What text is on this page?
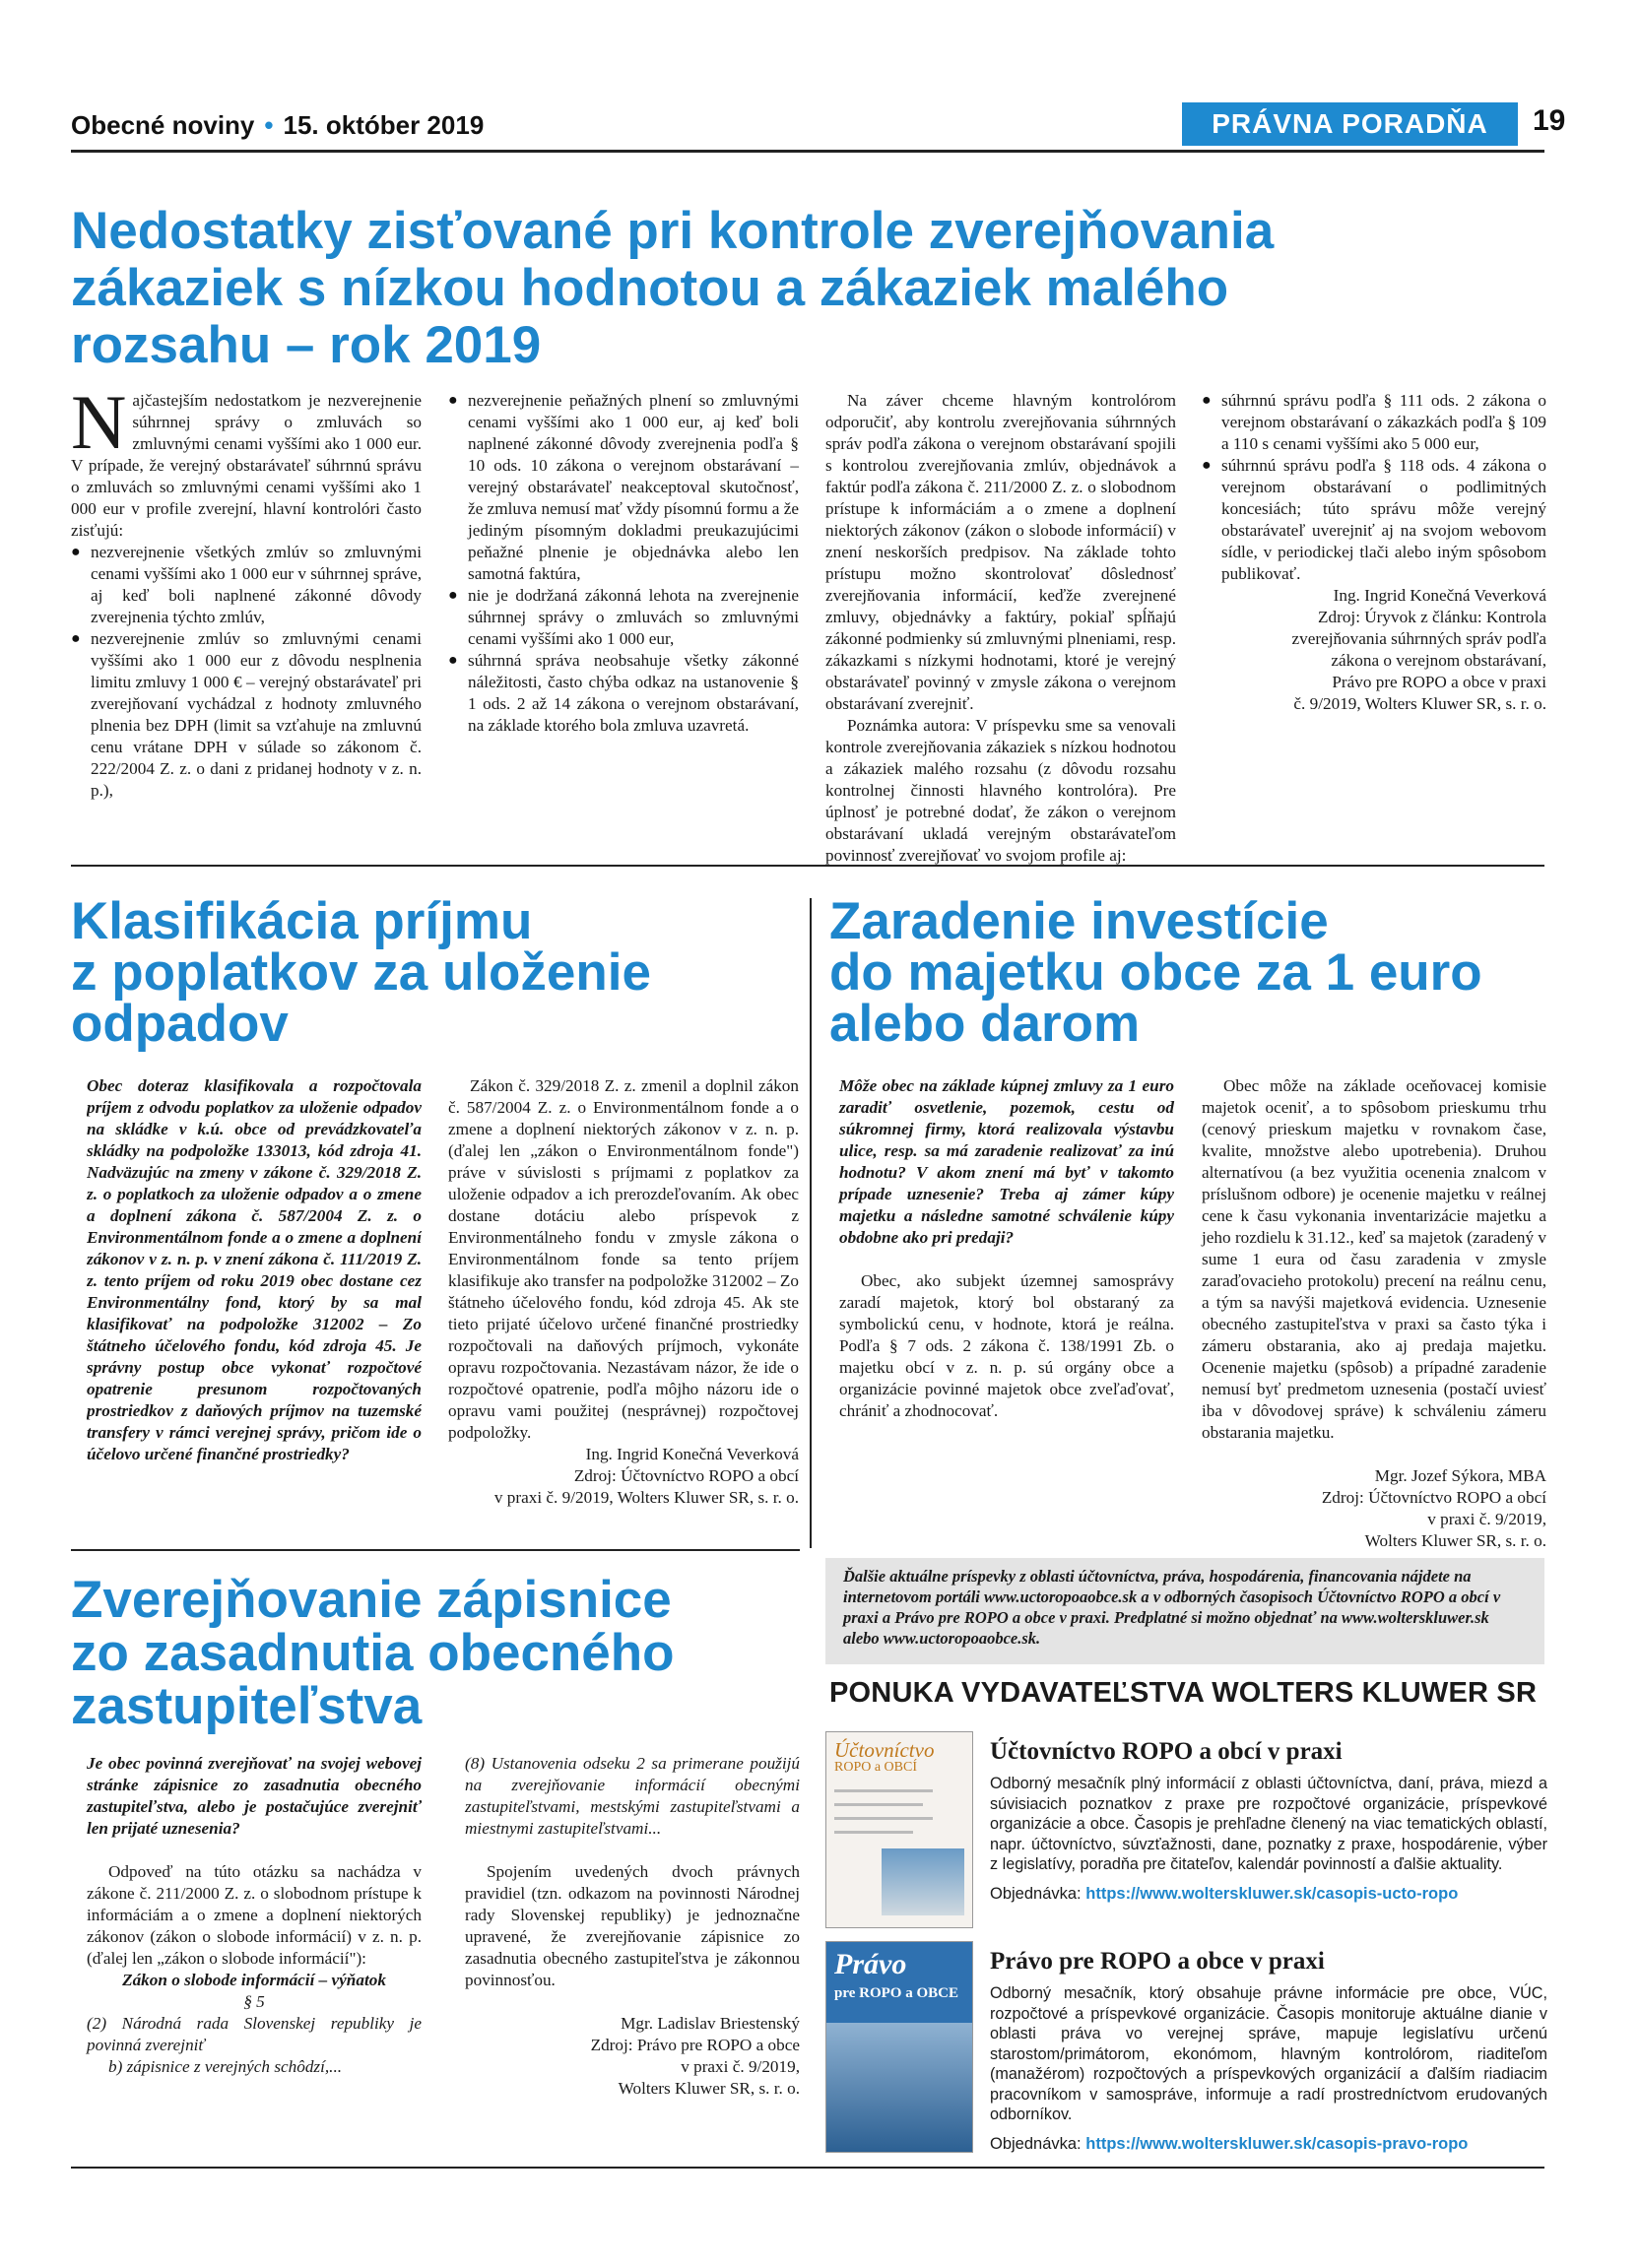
Obecné noviny • 15. október 2019	PRÁVNA PORADŇA	19
Nedostatky zisťované pri kontrole zverejňovania
zákaziek s nízkou hodnotou a zákaziek malého
rozsahu – rok 2019

Najčastejším nedostatkom je nezverejnenie súhrnnej správy o zmluvách so zmluvnými cenami vyššími ako 1 000 eur. V prípade, že verejný obstarávateľ súhrnnú správu o zmluvách so zmluvnými cenami vyššími ako 1 000 eur v profile zverejní, hlavní kontrolóri často zisťujú:

● nezverejnenie všetkých zmlúv so zmluvnými cenami vyššími ako 1 000 eur v súhrnnej správe, aj keď boli naplnené zákonné dôvody zverejnenia týchto zmlúv,
● nezverejnenie zmlúv so zmluvnými cenami vyššími ako 1 000 eur z dôvodu nesplnenia limitu zmluvy 1 000 € – verejný obstarávateľ pri zverejňovaní vychádzal z hodnoty zmluvného plnenia bez DPH (limit sa vzťahuje na zmluvnú cenu vrátane DPH v súlade so zákonom č. 222/2004 Z. z. o dani z pridanej hodnoty v z. n. p.),
● nezverejnenie peňažných plnení so zmluvnými cenami vyššími ako 1 000 eur, aj keď boli naplnené zákonné dôvody zverejnenia podľa § 10 ods. 10 zákona o verejnom obstarávaní – verejný obstarávateľ neakceptoval skutočnosť, že zmluva nemusí mať vždy písomnú formu a že jediným písomným dokladmi preukazujúcimi peňažné plnenie je objednávka alebo len samotná faktúra,
● nie je dodržaná zákonná lehota na zverejnenie súhrnnej správy o zmluvách so zmluvnými cenami vyššími ako 1 000 eur,
● súhrnná správa neobsahuje všetky zákonné náležitosti, často chýba odkaz na ustanovenie § 1 ods. 2 až 14 zákona o verejnom obstarávaní, na základe ktorého bola zmluva uzavretá.

Na záver chceme hlavným kontrolórom odporučiť, aby kontrolu zverejňovania súhrnných správ podľa zákona o verejnom obstarávaní spojili s kontrolou zverejňovania zmlúv, objednávok a faktúr podľa zákona č. 211/2000 Z. z. o slobodnom prístupe k informáciám a o zmene a doplnení niektorých zákonov (zákon o slobode informácií) v znení neskorších predpisov. Na základe tohto prístupu možno skontrolovať dôslednosť zverejňovania informácií, keďže zverejnené zmluvy, objednávky a faktúry, pokiaľ spĺňajú zákonné podmienky sú zmluvnými plneniami, resp. zákazkami s nízkymi hodnotami, ktoré je verejný obstarávateľ povinný v zmysle zákona o verejnom obstarávaní zverejniť.

Poznámka autora: V príspevku sme sa venovali kontrole zverejňovania zákaziek s nízkou hodnotou a zákaziek malého rozsahu (z dôvodu rozsahu kontrolnej činnosti hlavného kontrolóra). Pre úplnosť je potrebné dodať, že zákon o verejnom obstarávaní ukladá verejným obstarávateľom povinnosť zverejňovať vo svojom profile aj:

● súhrnnú správu podľa § 111 ods. 2 zákona o verejnom obstarávaní o zákazkách podľa § 109 a 110 s cenami vyššími ako 5 000 eur,
● súhrnnú správu podľa § 118 ods. 4 zákona o verejnom obstarávaní o podlimitných koncesiách; túto správu môže verejný obstarávateľ uverejniť aj na svojom webovom sídle, v periodickej tlači alebo iným spôsobom publikovať.
Ing. Ingrid Konečná Veverková
Zdroj: Úryvok z článku: Kontrola
zverejňovania súhrnných správ podľa
zákona o verejnom obstarávaní,
Právo pre ROPO a obce v praxi
č. 9/2019, Wolters Kluwer SR, s. r. o.
Klasifikácia príjmu
z poplatkov za uloženie
odpadov

Obec doteraz klasifikovala a rozpočtovala príjem z odvodu poplatkov za uloženie odpadov na skládke v k.ú. obce od prevádzkovateľa skládky na podpoložke 133013, kód zdroja 41. Nadväzujúc na zmeny v zákone č. 329/2018 Z. z. o poplatkoch za uloženie odpadov a o zmene a doplnení zákona č. 587/2004 Z. z. o Environmentálnom fonde a o zmene a doplnení zákonov v z. n. p. v znení zákona č. 111/2019 Z. z. tento príjem od roku 2019 obec dostane cez Environmentálny fond, ktorý by sa mal klasifikovať na podpoložke 312002 – Zo štátneho účelového fondu, kód zdroja 45. Je správny postup obce vykonať rozpočtové opatrenie presunom rozpočtovaných prostriedkov z daňových príjmov na tuzemské transfery v rámci verejnej správy, pričom ide o účelovo určené finančné prostriedky?

Zákon č. 329/2018 Z. z. zmenil a doplnil zákon č. 587/2004 Z. z. o Environmentálnom fonde a o zmene a doplnení niektorých zákonov v z. n. p. (ďalej len „zákon o Environmentálnom fonde") práve v súvislosti s príjmami z poplatkov za uloženie odpadov a ich prerozdeľovaním. Ak obec dostane dotáciu alebo príspevok z Environmentálneho fondu v zmysle zákona o Environmentálnom fonde sa tento príjem klasifikuje ako transfer na podpoložke 312002 – Zo štátneho účelového fondu, kód zdroja 45. Ak ste tieto prijaté účelovo určené finančné prostriedky rozpočtovali na daňových príjmoch, vykonáte opravu rozpočtovania. Nezastávam názor, že ide o rozpočtové opatrenie, podľa môjho názoru ide o opravu vami použitej (nesprávnej) rozpočtovej podpoložky.

Ing. Ingrid Konečná Veverková
Zdroj: Účtovníctvo ROPO a obcí
v praxi č. 9/2019, Wolters Kluwer SR, s. r. o.
Zaradenie investície
do majetku obce za 1 euro
alebo darom

Môže obec na základe kúpnej zmluvy za 1 euro zaradiť osvetlenie, pozemok, cestu od súkromnej firmy, ktorá realizovala výstavbu ulice, resp. sa má zaradenie realizovať za inú hodnotu? V akom znení má byť v takomto prípade uznesenie? Treba aj zámer kúpy majetku a následne samotné schválenie kúpy obdobne ako pri predaji?

Obec, ako subjekt územnej samosprávy zaradí majetok, ktorý bol obstaraný za symbolickú cenu, v hodnote, ktorá je reálna. Podľa § 7 ods. 2 zákona č. 138/1991 Zb. o majetku obcí v z. n. p. sú orgány obce a organizácie povinné majetok obce zveľaďovať, chrániť a zhodnocovať.

Obec môže na základe oceňovacej komisie majetok oceniť, a to spôsobom prieskumu trhu (cenový prieskum majetku v rovnakom čase, kvalite, množstve alebo upotrebenia). Druhou alternatívou (a bez využitia ocenenia znalcom v príslušnom odbore) je ocenenie majetku v reálnej cene k času vykonania inventarizácie majetku a jeho rozdielu k 31.12., keď sa majetok (zaradený v sume 1 eura od času zaradenia v zmysle zaraďovacieho protokolu) precení na reálnu cenu, a tým sa navýši majetková evidencia. Uznesenie obecného zastupiteľstva v praxi sa často týka i zámeru obstarania, ako aj predaja majetku. Ocenenie majetku (spôsob) a prípadné zaradenie nemusí byť predmetom uznesenia (postačí uviesť iba v dôvodovej správe) k schváleniu zámeru obstarania majetku.

Mgr. Jozef Sýkora, MBA
Zdroj: Účtovníctvo ROPO a obcí
v praxi č. 9/2019,
Wolters Kluwer SR, s. r. o.
Zverejňovanie zápisnice
zo zasadnutia obecného
zastupiteľstva

Je obec povinná zverejňovať na svojej webovej stránke zápisnice zo zasadnutia obecného zastupiteľstva, alebo je postačujúce zverejniť len prijaté uznesenia?

Odpoveď na túto otázku sa nachádza v zákone č. 211/2000 Z. z. o slobodnom prístupe k informáciám a o zmene a doplnení niektorých zákonov (zákon o slobode informácií) v z. n. p. (ďalej len „zákon o slobode informácií"):

Zákon o slobode informácií – výňatok

§ 5

(2) Národná rada Slovenskej republiky je povinná zverejniť

b) zápisnice z verejných schôdzí,...

(8) Ustanovenia odseku 2 sa primerane použijú na zverejňovanie informácií obecnými zastupiteľstvami, mestskými zastupiteľstvami a miestnymi zastupiteľstvami...

Spojením uvedených dvoch právnych pravidiel (tzn. odkazom na povinnosti Národnej rady Slovenskej republiky) je jednoznačne upravené, že zverejňovanie zápisnice zo zasadnutia obecného zastupiteľstva je zákonnou povinnosťou.

Mgr. Ladislav Briestenský
Zdroj: Právo pre ROPO a obce
v praxi č. 9/2019,
Wolters Kluwer SR, s. r. o.
Ďalšie aktuálne príspevky z oblasti účtovníctva, práva, hospodárenia, financovania nájdete na internetovom portáli www.uctoropoaobce.sk a v odborných časopisoch Účtovníctvo ROPO a obcí v praxi a Právo pre ROPO a obce v praxi. Predplatné si možno objednať na www.wolterskluwer.sk alebo www.uctoropoaobce.sk.
PONUKA VYDAVATEĽSTVA WOLTERS KLUWER SR
Účtovníctvo
ROPO a OBCÍ
Účtovníctvo ROPO a obcí v praxi
Odborný mesačník plný informácií z oblasti účtovníctva, daní, práva, miezd a súvisiacich poznatkov z praxe pre rozpočtové organizácie, príspevkové organizácie a obce. Časopis je prehľadne členený na viac tematických oblastí, napr. účtovníctvo, súvzťažnosti, dane, poznatky z praxe, hospodárenie, výber z legislatívy, poradňa pre čitateľov, kalendár povinností a ďalšie aktuality.
Objednávka: https://www.wolterskluwer.sk/casopis-ucto-ropo
Právo
pre ROPO a OBCE
Právo pre ROPO a obce v praxi
Odborný mesačník, ktorý obsahuje právne informácie pre obce, VÚC, rozpočtové a príspevkové organizácie. Časopis monitoruje aktuálne dianie v oblasti práva vo verejnej správe, mapuje legislatívu určenú starostom/primátorom, ekonómom, hlavným kontrolórom, riaditeľom (manažérom) rozpočtových a príspevkových organizácií a ďalším riadiacim pracovníkom v samospráve, informuje a radí prostredníctvom erudovaných odborníkov.
Objednávka: https://www.wolterskluwer.sk/casopis-pravo-ropo
